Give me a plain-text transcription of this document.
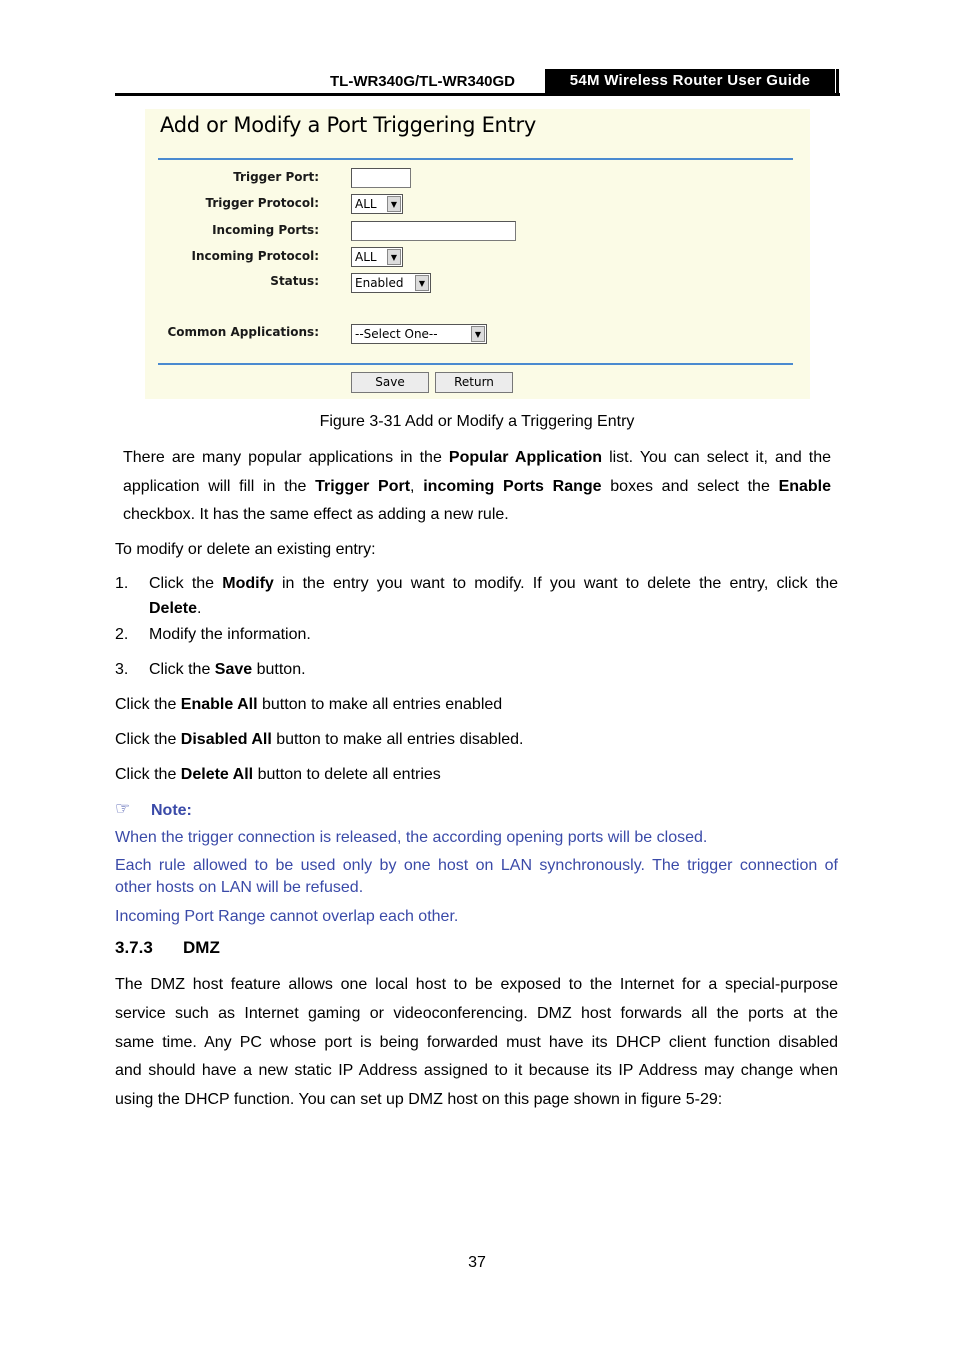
TL-WR340G/TL-WR340GD	54M Wireless Router User Guide
Add or Modify a Port Triggering Entry
Trigger Port:
Trigger Protocol:	ALL	▼
Incoming Ports:
Incoming Protocol:	ALL	▼
Status:	Enabled	▼
Common Applications:	--Select One--	▼
Save	Return
Figure 3-31 Add or Modify a Triggering Entry
There are many popular applications in the Popular Application list. You can select it, and the
application will fill in the Trigger Port, incoming Ports Range boxes and select the Enable
checkbox. It has the same effect as adding a new rule.
To modify or delete an existing entry:
1. Click the Modify in the entry you want to modify. If you want to delete the entry, click the
Delete.
2. Modify the information.
3. Click the Save button.
Click the Enable All button to make all entries enabled
Click the Disabled All button to make all entries disabled.
Click the Delete All button to delete all entries
☞ Note:
When the trigger connection is released, the according opening ports will be closed.
Each rule allowed to be used only by one host on LAN synchronously. The trigger connection of
other hosts on LAN will be refused.
Incoming Port Range cannot overlap each other.
3.7.3 DMZ
The DMZ host feature allows one local host to be exposed to the Internet for a special-purpose
service such as Internet gaming or videoconferencing. DMZ host forwards all the ports at the
same time. Any PC whose port is being forwarded must have its DHCP client function disabled
and should have a new static IP Address assigned to it because its IP Address may change when
using the DHCP function. You can set up DMZ host on this page shown in figure 5-29:
37
